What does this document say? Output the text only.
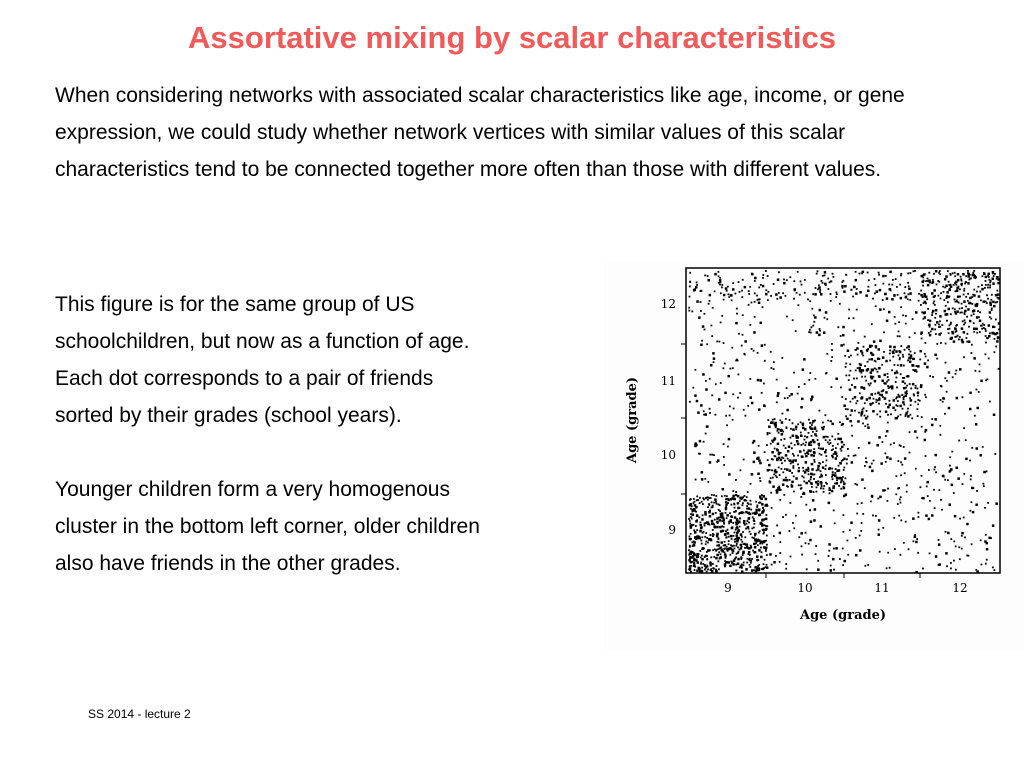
Assortative mixing by scalar characteristics
When considering networks with associated scalar characteristics like age, income, or gene expression, we could study whether network vertices with similar values of this scalar characteristics tend to be connected together more often than those with different values.
This figure is for the same group of US
schoolchildren, but now as a function of age.
Each dot corresponds to a pair of friends
sorted by their grades (school years).
Younger children form a very homogenous
cluster in the bottom left corner, older children
also have friends in the other grades.
9	10	11	12
9
10
11
12
Age (grade)
Age (grade)
SS 2014 - lecture 2
